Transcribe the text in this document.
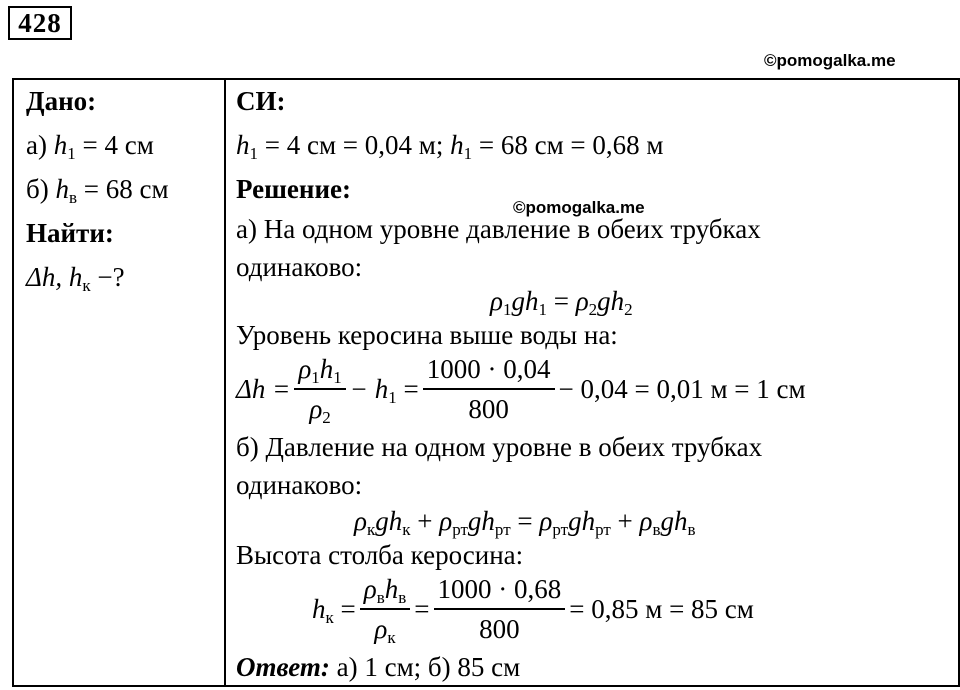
428
©pomogalka.me
Дано:
а) $h_1 = 4$ см
б) $h_в = 68$ см
Найти:
Δh, $h_к$ −?
СИ:
$h_1 = 4$ см = 0,04 м; $h_1 = 68$ см = 0,68 м
Решение:
а) На одном уровне давление в обеих трубках
одинаково:
$\rho_1gh_1 = \rho_2gh_2$
Уровень керосина выше воды на:
$\Delta h = \frac{\rho_1h_1}{\rho_2} - h_1 = \frac{1000 \cdot 0,04}{800} - 0,04 = 0,01$ м = 1 см
б) Давление на одном уровне в обеих трубках
одинаково:
$\rho_кgh_к + \rho_{рт}gh_{рт} = \rho_{рт}gh_{рт} + \rho_вgh_в$
Высота столба керосина:
$h_к = \frac{\rho_вh_в}{\rho_к} = \frac{1000 \cdot 0,68}{800} = 0,85$ м = 85 см
Ответ: а) 1 см; б) 85 см
©pomogalka.me
